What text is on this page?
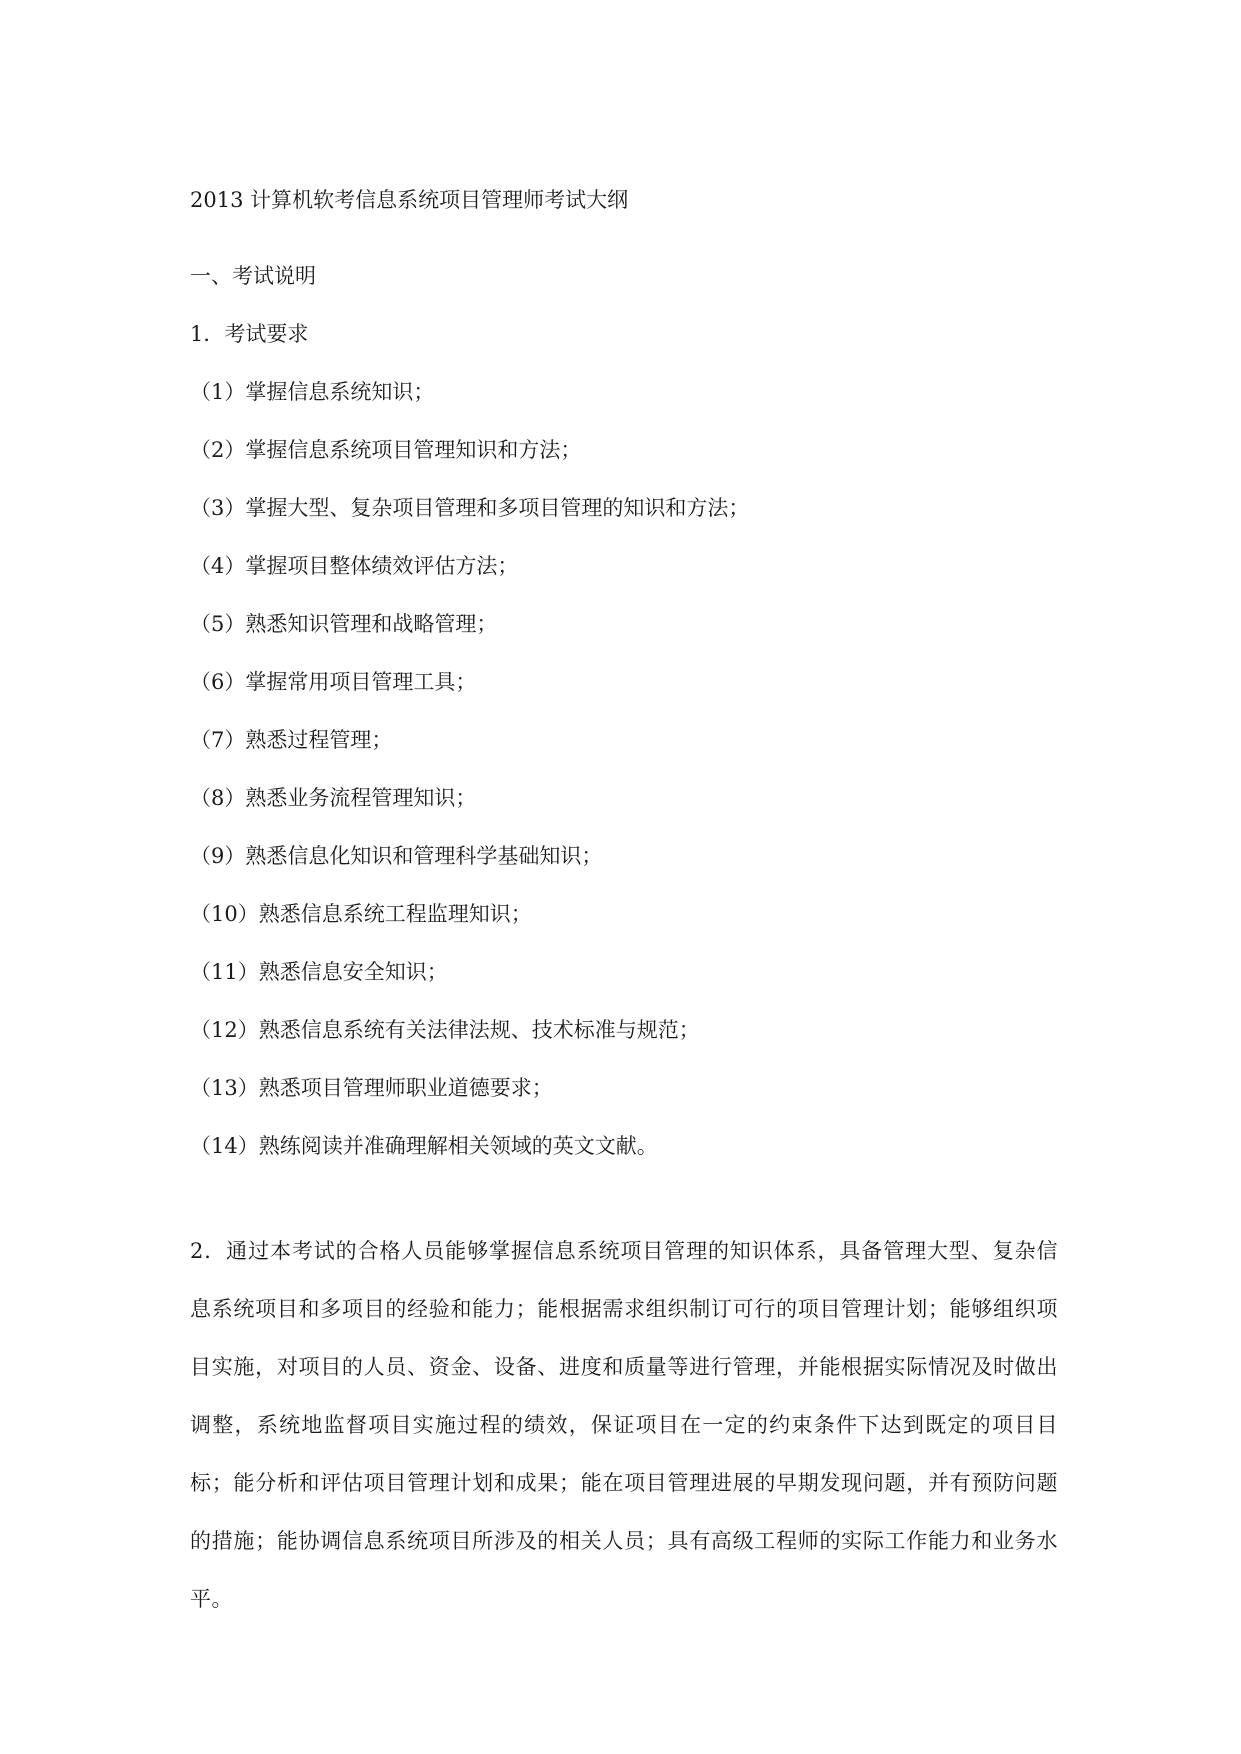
2013 计算机软考信息系统项目管理师考试大纲
一、考试说明
1．考试要求
（1）掌握信息系统知识；
（2）掌握信息系统项目管理知识和方法；
（3）掌握大型、复杂项目管理和多项目管理的知识和方法；
（4）掌握项目整体绩效评估方法；
（5）熟悉知识管理和战略管理；
（6）掌握常用项目管理工具；
（7）熟悉过程管理；
（8）熟悉业务流程管理知识；
（9）熟悉信息化知识和管理科学基础知识；
（10）熟悉信息系统工程监理知识；
（11）熟悉信息安全知识；
（12）熟悉信息系统有关法律法规、技术标准与规范；
（13）熟悉项目管理师职业道德要求；
（14）熟练阅读并准确理解相关领域的英文文献。
2．通过本考试的合格人员能够掌握信息系统项目管理的知识体系，具备管理大型、复杂信息系统项目和多项目的经验和能力；能根据需求组织制订可行的项目管理计划；能够组织项目实施，对项目的人员、资金、设备、进度和质量等进行管理，并能根据实际情况及时做出调整，系统地监督项目实施过程的绩效，保证项目在一定的约束条件下达到既定的项目目标；能分析和评估项目管理计划和成果；能在项目管理进展的早期发现问题，并有预防问题的措施；能协调信息系统项目所涉及的相关人员；具有高级工程师的实际工作能力和业务水平。
